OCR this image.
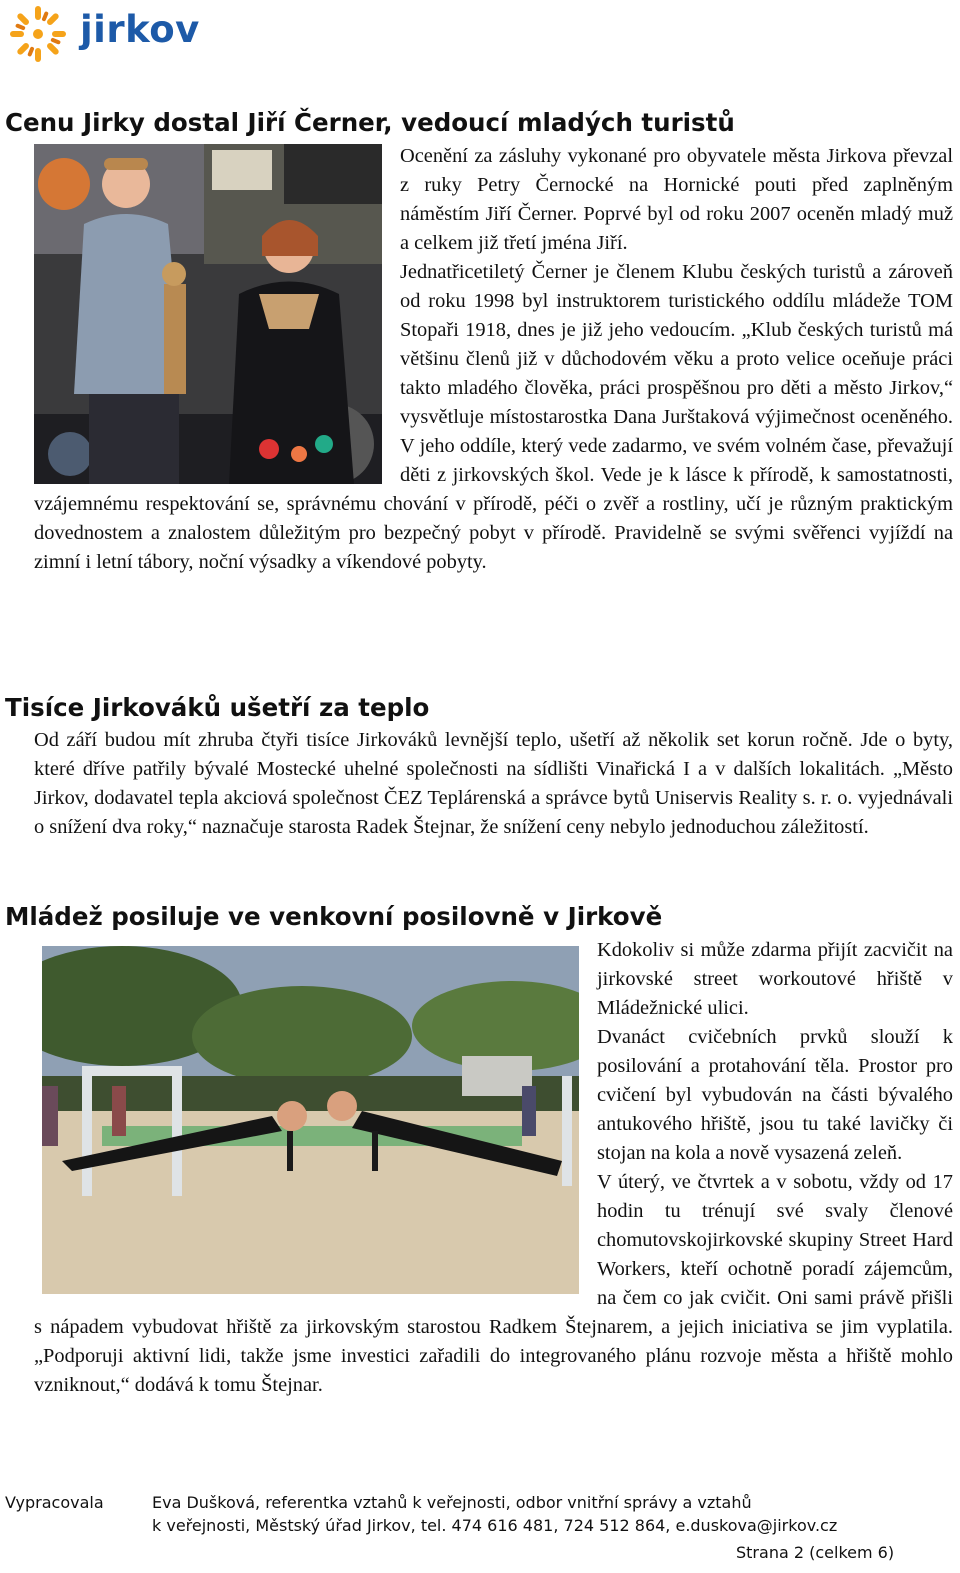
jirkov
Cenu Jirky dostal Jiří Černer, vedoucí mladých turistů

Ocenění za zásluhy vykonané pro obyvatele města Jirkova převzal z ruky Petry Černocké na Hornické pouti před zaplněným náměstím Jiří Černer. Poprvé byl od roku 2007 oceněn mladý muž a celkem již třetí jména Jiří.

Jednatřicetiletý Černer je členem Klubu českých turistů a zároveň od roku 1998 byl instruktorem turistického oddílu mládeže TOM Stopaři 1918, dnes je již jeho vedoucím. „Klub českých turistů má většinu členů již v důchodovém věku a proto velice oceňuje práci takto mladého člověka, práci prospěšnou pro děti a město Jirkov,“ vysvětluje místostarostka Dana Jurštaková výjimečnost oceněného. V jeho oddíle, který vede zadarmo, ve svém volném čase, převažují děti z jirkovských škol. Vede je k lásce k přírodě, k samostatnosti, vzájemnému respektování se, správnému chování v přírodě, péči o zvěř a rostliny, učí je různým praktickým dovednostem a znalostem důležitým pro bezpečný pobyt v přírodě. Pravidelně se svými svěřenci vyjíždí na zimní i letní tábory, noční výsadky a víkendové pobyty.

Tisíce Jirkováků ušetří za teplo

Od září budou mít zhruba čtyři tisíce Jirkováků levnější teplo, ušetří až několik set korun ročně. Jde o byty, které dříve patřily bývalé Mostecké uhelné společnosti na sídlišti Vinařická I a v dalších lokalitách. „Město Jirkov, dodavatel tepla akciová společnost ČEZ Teplárenská a správce bytů Uniservis Reality s. r. o. vyjednávali o snížení dva roky,“ naznačuje starosta Radek Štejnar, že snížení ceny nebylo jednoduchou záležitostí.

Mládež posiluje ve venkovní posilovně v Jirkově

Kdokoliv si může zdarma přijít zacvičit na jirkovské street workoutové hřiště v Mládežnické ulici.

Dvanáct cvičebních prvků slouží k posilování a protahování těla. Prostor pro cvičení byl vybudován na části bývalého antukového hřiště, jsou tu také lavičky či stojan na kola a nově vysazená zeleň.

V úterý, ve čtvrtek a v sobotu, vždy od 17 hodin tu trénují své svaly členové chomutovskojirkovské skupiny Street Hard Workers, kteří ochotně poradí zájemcům, na čem co jak cvičit. Oni sami právě přišli s nápadem vybudovat hřiště za jirkovským starostou Radkem Štejnarem, a jejich iniciativa se jim vyplatila. „Podporuji aktivní lidi, takže jsme investici zařadili do integrovaného plánu rozvoje města a hřiště mohlo vzniknout,“ dodává k tomu Štejnar.

Vypracovala	Eva Dušková, referentka vztahů k veřejnosti, odbor vnitřní správy a vztahů
k veřejnosti, Městský úřad Jirkov, tel. 474 616 481, 724 512 864, e.duskova@jirkov.cz
Strana 2 (celkem 6)
